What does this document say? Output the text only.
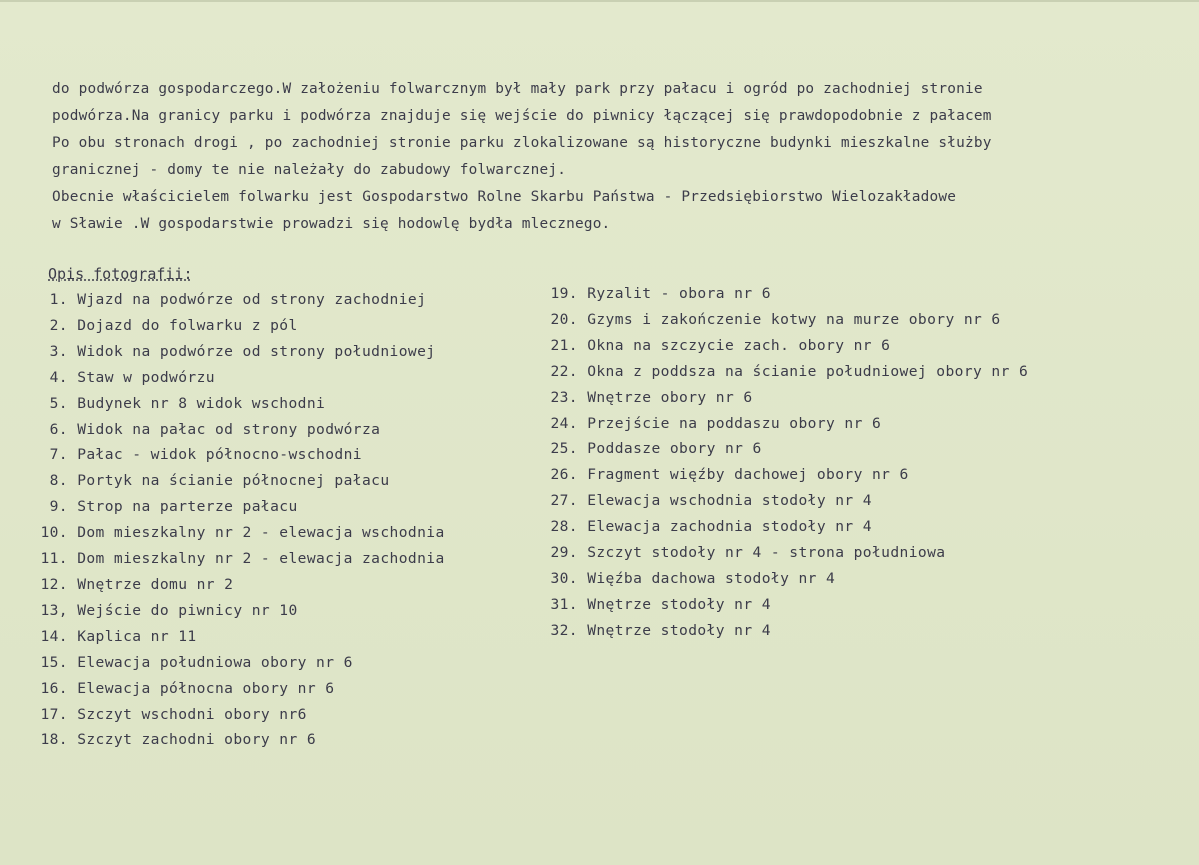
do podwórza gospodarczego.W założeniu folwarcznym był mały park przy pałacu i ogród po zachodniej stronie
podwórza.Na granicy parku i podwórza znajduje się wejście do piwnicy łączącej się prawdopodobnie z pałacem
Po obu stronach drogi , po zachodniej stronie parku zlokalizowane są historyczne budynki mieszkalne służby
granicznej - domy te nie należały do zabudowy folwarcznej.
Obecnie właścicielem folwarku jest Gospodarstwo Rolne Skarbu Państwa - Przedsiębiorstwo Wielozakładowe
w Sławie .W gospodarstwie prowadzi się hodowlę bydła mlecznego.
Opis fotografii:
1. Wjazd na podwórze od strony zachodniej
2. Dojazd do folwarku z pól
3. Widok na podwórze od strony południowej
4. Staw w podwórzu
5. Budynek nr 8 widok wschodni
6. Widok na pałac od strony podwórza
7. Pałac - widok północno-wschodni
8. Portyk na ścianie północnej pałacu
9. Strop na parterze pałacu
10. Dom mieszkalny nr 2 - elewacja wschodnia
11. Dom mieszkalny nr 2 - elewacja zachodnia
12. Wnętrze domu nr 2
13, Wejście do piwnicy nr 10
14. Kaplica nr 11
15. Elewacja południowa obory nr 6
16. Elewacja północna obory nr 6
17. Szczyt wschodni obory nr6
18. Szczyt zachodni obory nr 6
19. Ryzalit - obora nr 6
20. Gzyms i zakończenie kotwy na murze obory nr 6
21. Okna na szczycie zach. obory nr 6
22. Okna z poddsza na ścianie południowej obory nr 6
23. Wnętrze obory nr 6
24. Przejście na poddaszu obory nr 6
25. Poddasze obory nr 6
26. Fragment więźby dachowej obory nr 6
27. Elewacja wschodnia stodoły nr 4
28. Elewacja zachodnia stodoły nr 4
29. Szczyt stodoły nr 4 - strona południowa
30. Więźba dachowa stodoły nr 4
31. Wnętrze stodoły nr 4
32. Wnętrze stodoły nr 4
